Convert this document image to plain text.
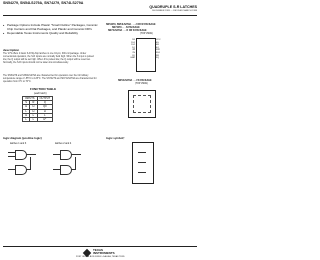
SN54279, SN54LS279A, SN74279, SN74LS279A
QUADRUPLE S-R LATCHES
DECEMBER 1983 — REVISED MARCH 1988
● Package Options Include Plastic "Small Outline" Packages, Ceramic Chip Carriers and Flat Packages, and Plastic and Ceramic DIPs
● Dependable Texas Instruments Quality and Reliability
description
The '279 offers 4 basic S-R flip-flop latches in one 16-pin, 300-mil package. Under conventional operation, the S-R inputs are normally held high. When the S input is pulsed low, the Q output will be set high. When R is pulsed low, the Q output will be reset low. Normally, the S-R inputs should not be taken low simultaneously.
The SN54279 and SN54LS279A are characterized for operation over the full military temperature range of -55°C to 125°C. The SN74279 and SN74LS279A are characterized for operation from 0°C to 70°C.
FUNCTION TABLE
(each latch)
INPUTS		OUTPUT
S̄	R̄	Q
H	H	Q0
L	H	H
H	L	L
L	L	H*
logic diagram (positive logic)
latches 1 and 3	latches 2 and 4
SN54279, SN54LS279A . . . J OR W PACKAGE
SN74279 . . . N PACKAGE
SN74LS279A . . . D OR N PACKAGE
(TOP VIEW)
1R
1S1
1S2
1Q
2R
2S
2Q
GND
VCC
4S
4R
4Q
3S2
3S1
3R
3Q
SN54LS279A . . . FK PACKAGE
(TOP VIEW)
logic symbol†
TEXAS
INSTRUMENTS
POST OFFICE BOX 655303 • DALLAS, TEXAS 75265
